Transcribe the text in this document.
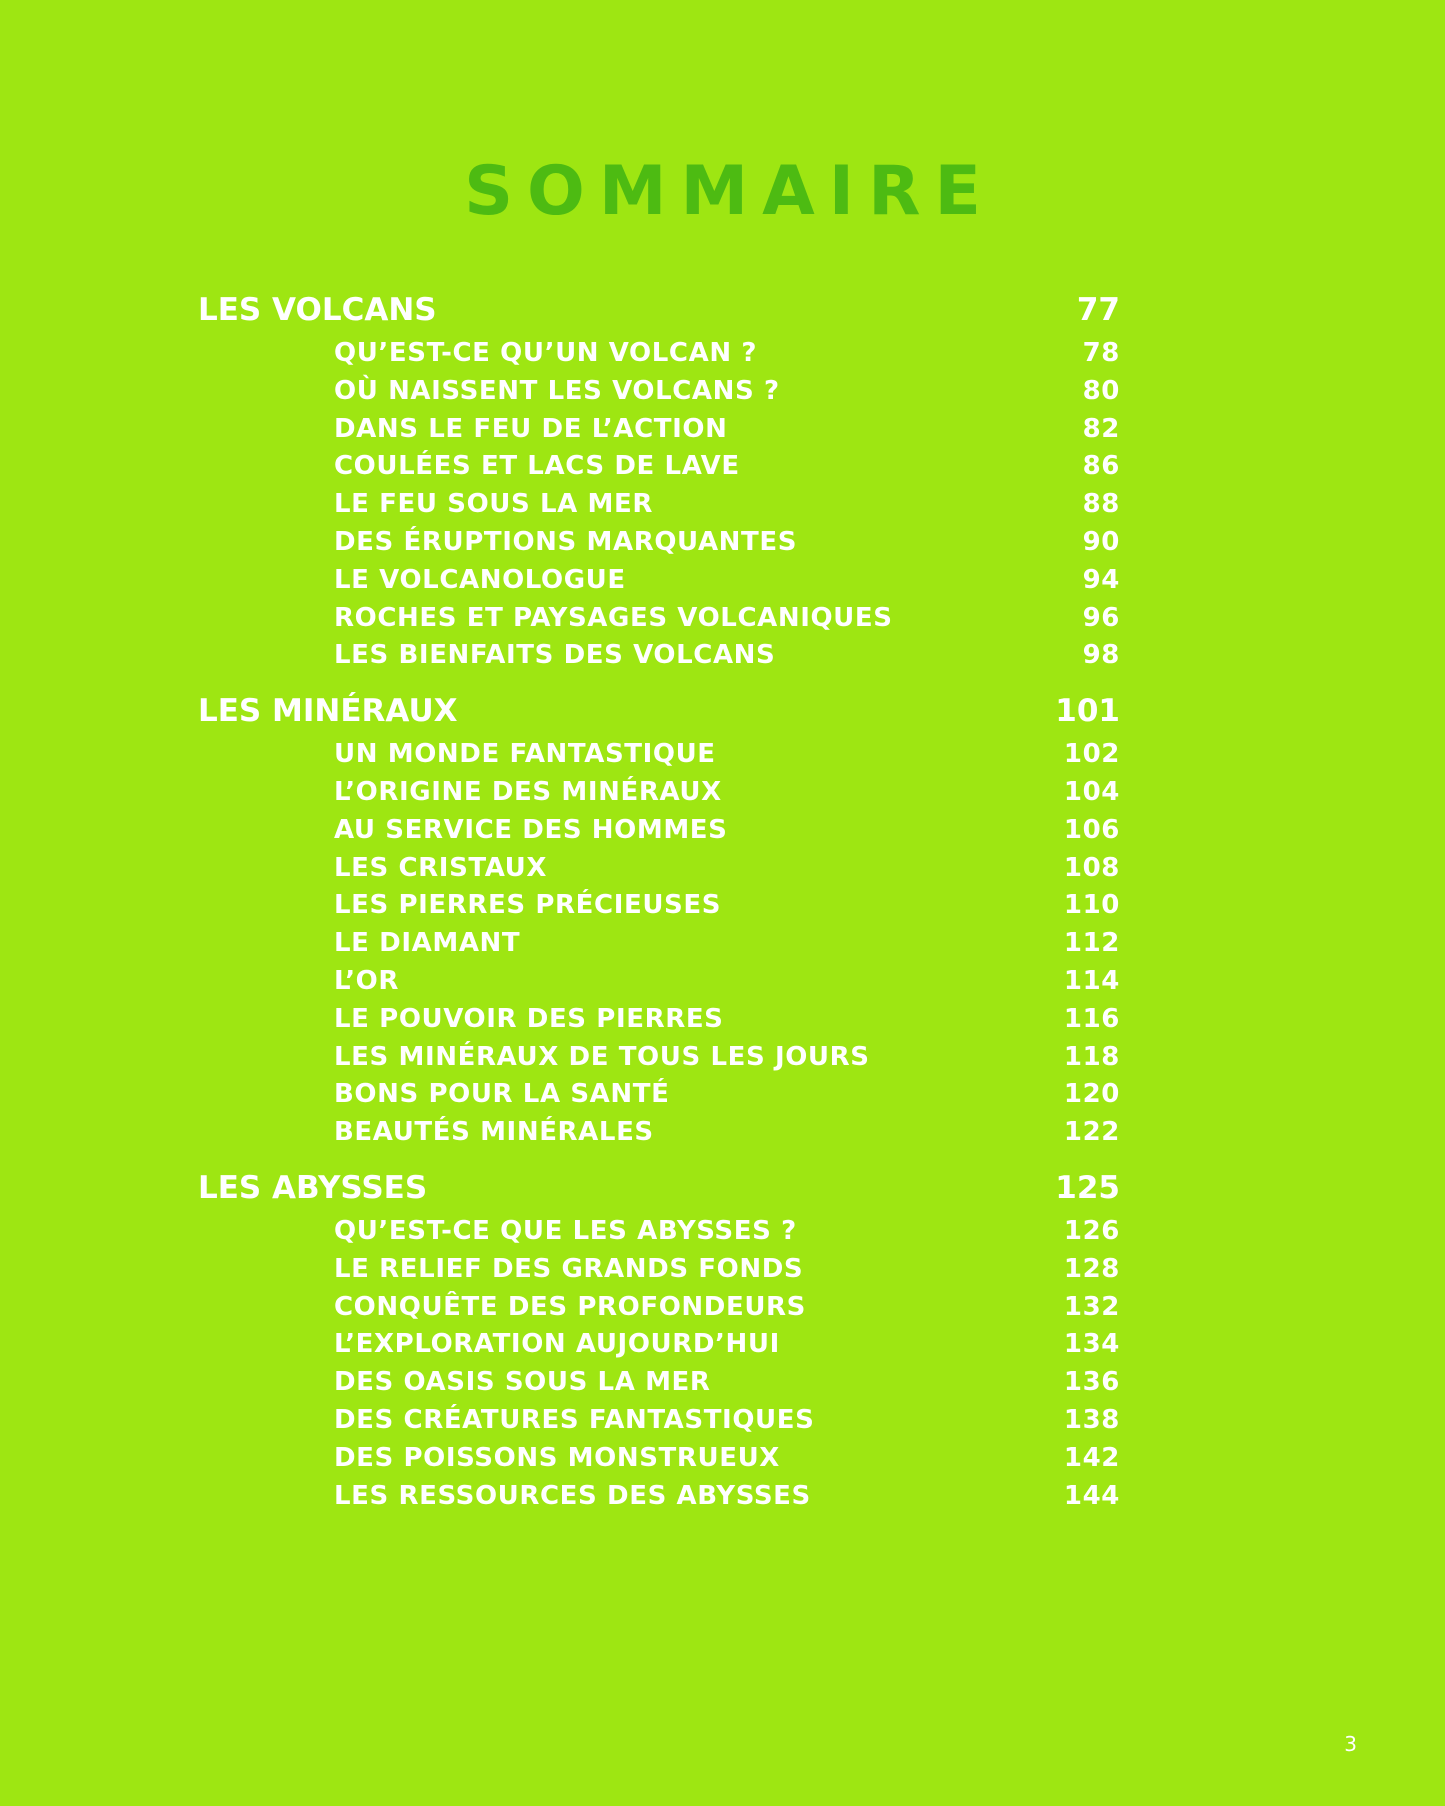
SOMMAIRE
LES VOLCANS	77
QU’EST-CE QU’UN VOLCAN ?	78
OÙ NAISSENT LES VOLCANS ?	80
DANS LE FEU DE L’ACTION	82
COULÉES ET LACS DE LAVE	86
LE FEU SOUS LA MER	88
DES ÉRUPTIONS MARQUANTES	90
LE VOLCANOLOGUE	94
ROCHES ET PAYSAGES VOLCANIQUES	96
LES BIENFAITS DES VOLCANS	98
LES MINÉRAUX	101
UN MONDE FANTASTIQUE	102
L’ORIGINE DES MINÉRAUX	104
AU SERVICE DES HOMMES	106
LES CRISTAUX	108
LES PIERRES PRÉCIEUSES	110
LE DIAMANT	112
L’OR	114
LE POUVOIR DES PIERRES	116
LES MINÉRAUX DE TOUS LES JOURS	118
BONS POUR LA SANTÉ	120
BEAUTÉS MINÉRALES	122
LES ABYSSES	125
QU’EST-CE QUE LES ABYSSES ?	126
LE RELIEF DES GRANDS FONDS	128
CONQUÊTE DES PROFONDEURS	132
L’EXPLORATION AUJOURD’HUI	134
DES OASIS SOUS LA MER	136
DES CRÉATURES FANTASTIQUES	138
DES POISSONS MONSTRUEUX	142
LES RESSOURCES DES ABYSSES	144
3
